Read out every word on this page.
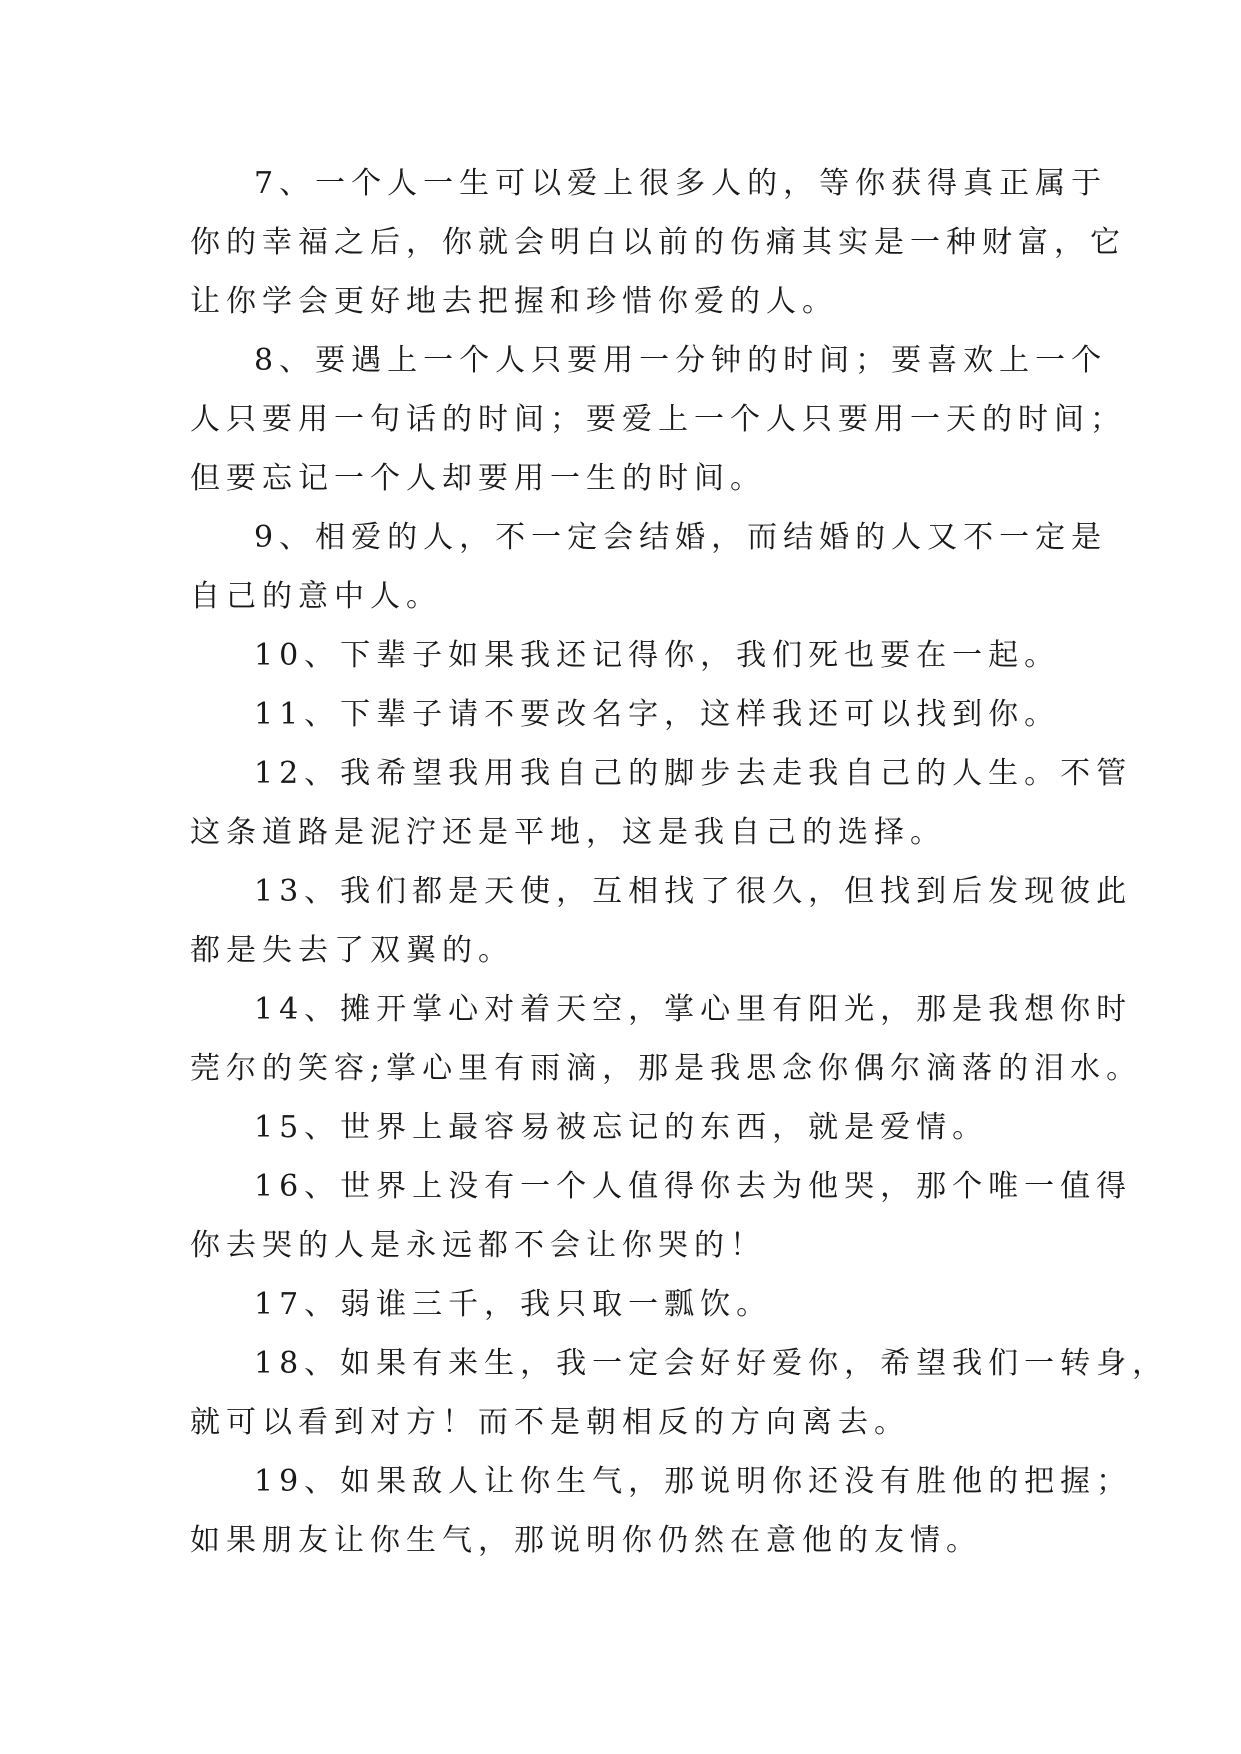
7、一个人一生可以爱上很多人的，等你获得真正属于
你的幸福之后，你就会明白以前的伤痛其实是一种财富，它
让你学会更好地去把握和珍惜你爱的人。

8、要遇上一个人只要用一分钟的时间；要喜欢上一个
人只要用一句话的时间；要爱上一个人只要用一天的时间；
但要忘记一个人却要用一生的时间。

9、相爱的人，不一定会结婚，而结婚的人又不一定是
自己的意中人。

10、下辈子如果我还记得你，我们死也要在一起。

11、下辈子请不要改名字，这样我还可以找到你。

12、我希望我用我自己的脚步去走我自己的人生。不管
这条道路是泥泞还是平地，这是我自己的选择。

13、我们都是天使，互相找了很久，但找到后发现彼此
都是失去了双翼的。

14、摊开掌心对着天空，掌心里有阳光，那是我想你时
莞尔的笑容;掌心里有雨滴，那是我思念你偶尔滴落的泪水。

15、世界上最容易被忘记的东西，就是爱情。

16、世界上没有一个人值得你去为他哭，那个唯一值得
你去哭的人是永远都不会让你哭的！

17、弱谁三千，我只取一瓢饮。

18、如果有来生，我一定会好好爱你，希望我们一转身，
就可以看到对方！而不是朝相反的方向离去。

19、如果敌人让你生气，那说明你还没有胜他的把握；
如果朋友让你生气，那说明你仍然在意他的友情。
